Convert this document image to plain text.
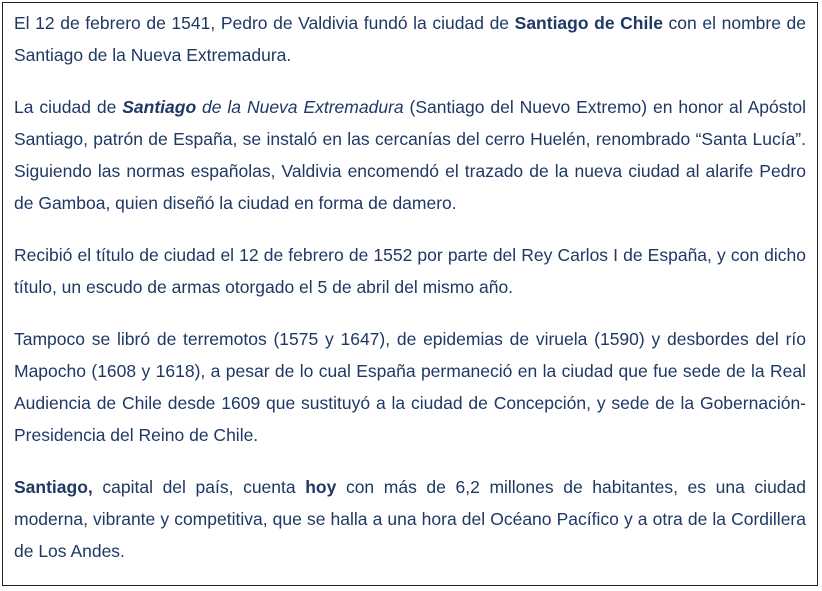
El 12 de febrero de 1541, Pedro de Valdivia fundó la ciudad de Santiago de Chile con el nombre de Santiago de la Nueva Extremadura.

La ciudad de Santiago de la Nueva Extremadura (Santiago del Nuevo Extremo) en honor al Apóstol Santiago, patrón de España, se instaló en las cercanías del cerro Huelén, renombrado “Santa Lucía”. Siguiendo las normas españolas, Valdivia encomendó el trazado de la nueva ciudad al alarife Pedro de Gamboa, quien diseñó la ciudad en forma de damero.

Recibió el título de ciudad el 12 de febrero de 1552 por parte del Rey Carlos I de España, y con dicho título, un escudo de armas otorgado el 5 de abril del mismo año.

Tampoco se libró de terremotos (1575 y 1647), de epidemias de viruela (1590) y desbordes del río Mapocho (1608 y 1618), a pesar de lo cual España permaneció en la ciudad que fue sede de la Real Audiencia de Chile desde 1609 que sustituyó a la ciudad de Concepción, y sede de la Gobernación-Presidencia del Reino de Chile.

Santiago, capital del país, cuenta hoy con más de 6,2 millones de habitantes, es una ciudad moderna, vibrante y competitiva, que se halla a una hora del Océano Pacífico y a otra de la Cordillera de Los Andes.
